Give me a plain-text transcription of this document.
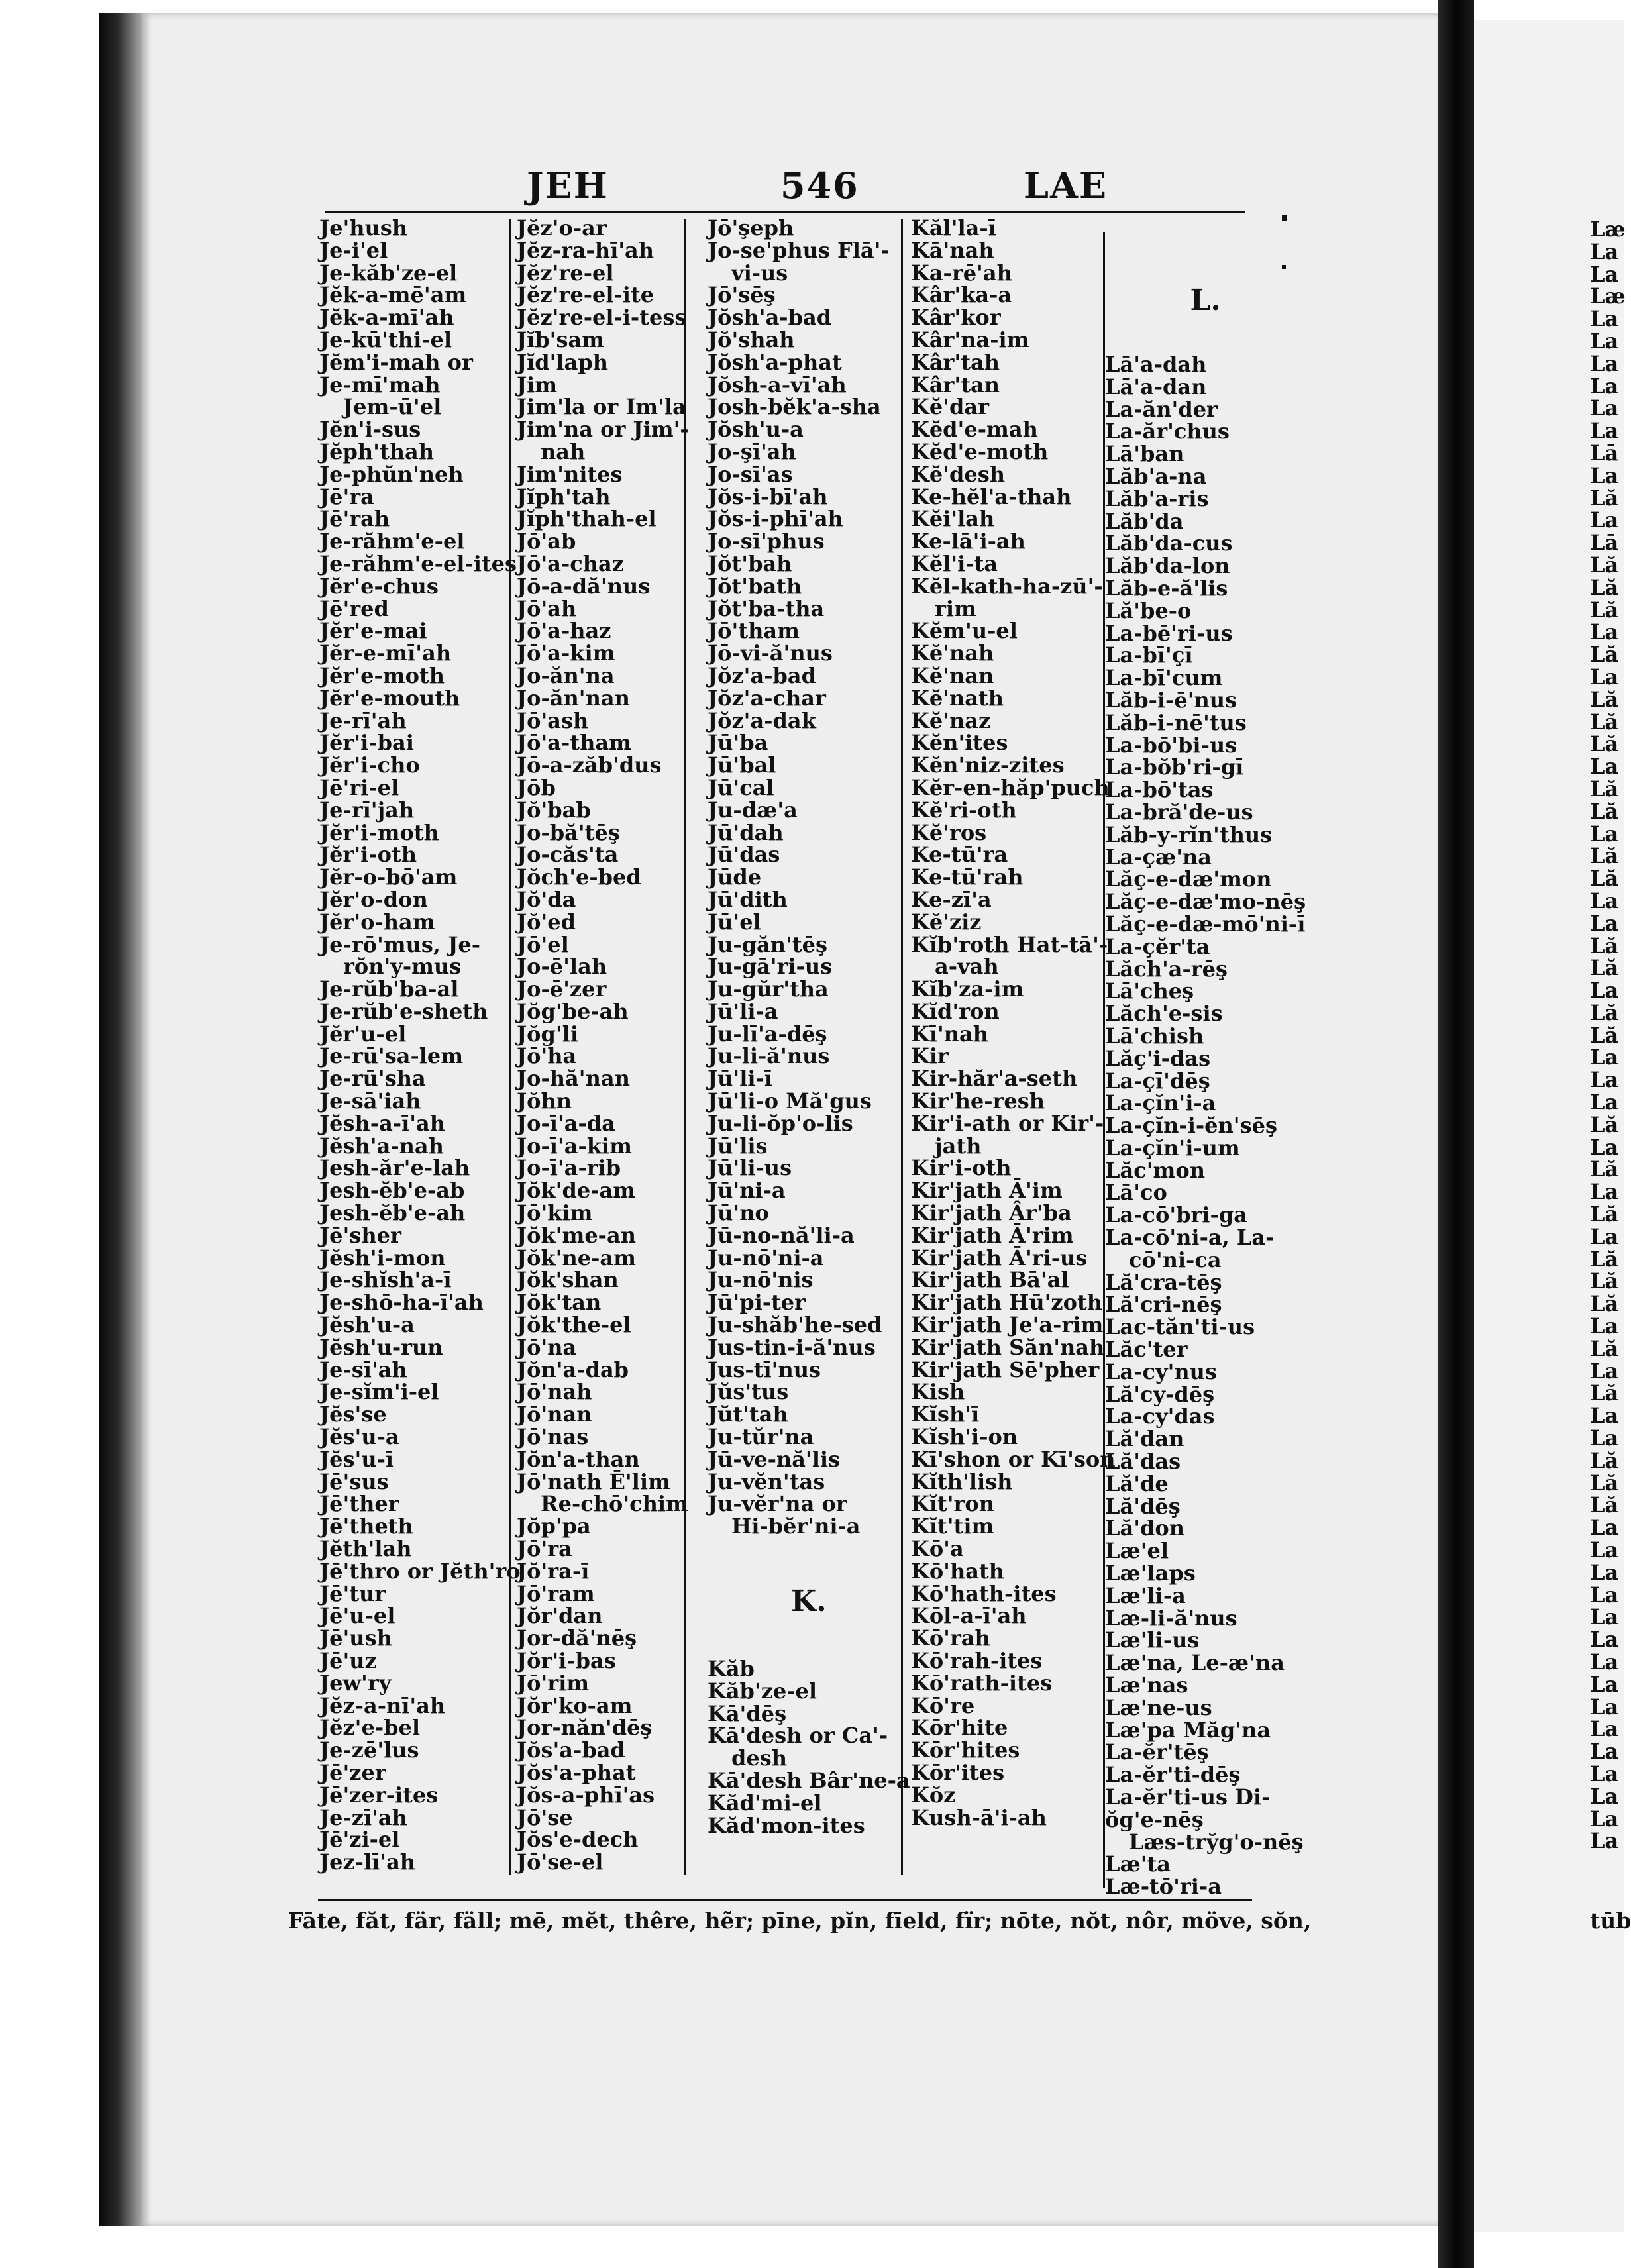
JEH	546	LAE
Je'hush
Je-i'el
Je-kăb'ze-el
Jĕk-a-mē'am
Jĕk-a-mī'ah
Je-kū'thi-el
Jĕm'i-mah or
Je-mī'mah
Jem-ū'el
Jĕn'i-sus
Jĕph'thah
Je-phŭn'neh
Jē'ra
Jē'rah
Je-răhm'e-el
Je-răhm'e-el-ites
Jĕr'e-chus
Jē'red
Jĕr'e-mai
Jĕr-e-mī'ah
Jĕr'e-moth
Jĕr'e-mouth
Je-rī'ah
Jĕr'i-bai
Jĕr'i-cho
Jē'ri-el
Je-rī'jah
Jĕr'i-moth
Jĕr'i-oth
Jĕr-o-bō'am
Jĕr'o-don
Jĕr'o-ham
Je-rō'mus, Je-
rŏn'y-mus
Je-rŭb'ba-al
Je-rŭb'e-sheth
Jĕr'u-el
Je-rū'sa-lem
Je-rū'sha
Je-sā'iah
Jĕsh-a-ī'ah
Jĕsh'a-nah
Jesh-ăr'e-lah
Jesh-ĕb'e-ab
Jesh-ĕb'e-ah
Jē'sher
Jĕsh'i-mon
Je-shĭsh'a-ī
Je-shō-ha-ī'ah
Jĕsh'u-a
Jĕsh'u-run
Je-sī'ah
Je-sĭm'i-el
Jĕs'se
Jĕs'u-a
Jĕs'u-ī
Jē'sus
Jē'ther
Jē'theth
Jĕth'lah
Jē'thro or Jĕth'ro
Jē'tur
Jē'u-el
Jē'ush
Jē'uz
Jew'ry
Jĕz-a-nī'ah
Jĕz'e-bel
Je-zē'lus
Jē'zer
Jē'zer-ites
Je-zī'ah
Jē'zi-el
Jez-lī'ah
Jĕz'o-ar
Jĕz-ra-hī'ah
Jĕz're-el
Jĕz're-el-ite
Jĕz're-el-i-tess
Jĭb'sam
Jĭd'laph
Jim
Jim'la or Im'la
Jim'na or Jim'-
nah
Jim'nites
Jĭph'tah
Jĭph'thah-el
Jō'ab
Jō'a-chaz
Jō-a-dă'nus
Jō'ah
Jō'a-haz
Jō'a-kim
Jo-ăn'na
Jo-ăn'nan
Jō'ash
Jō'a-tham
Jō-a-zăb'dus
Jōb
Jŏ'bab
Jo-bă'tēş
Jo-căs'ta
Jŏch'e-bed
Jŏ'da
Jŏ'ed
Jō'el
Jo-ē'lah
Jo-ē'zer
Jŏg'be-ah
Jŏg'li
Jō'ha
Jo-hă'nan
Jŏhn
Jo-ī'a-da
Jo-ī'a-kim
Jo-ī'a-rib
Jŏk'de-am
Jō'kim
Jŏk'me-an
Jŏk'ne-am
Jŏk'shan
Jŏk'tan
Jŏk'the-el
Jō'na
Jŏn'a-dab
Jō'nah
Jō'nan
Jō'nas
Jŏn'a-than
Jō'nath Ē'lim
Re-chō'chim
Jŏp'pa
Jō'ra
Jŏ'ra-ī
Jō'ram
Jŏr'dan
Jor-dă'nēş
Jŏr'i-bas
Jō'rim
Jŏr'ko-am
Jor-năn'dēş
Jŏs'a-bad
Jŏs'a-phat
Jŏs-a-phī'as
Jō'se
Jŏs'e-dech
Jō'se-el
Jō'şeph
Jo-se'phus Flā'-
vi-us
Jō'sēş
Jŏsh'a-bad
Jŏ'shah
Jŏsh'a-phat
Jŏsh-a-vī'ah
Josh-bĕk'a-sha
Jŏsh'u-a
Jo-şī'ah
Jo-sī'as
Jŏs-i-bī'ah
Jŏs-i-phī'ah
Jo-sī'phus
Jŏt'bah
Jŏt'bath
Jŏt'ba-tha
Jō'tham
Jō-vi-ă'nus
Jŏz'a-bad
Jŏz'a-char
Jŏz'a-dak
Jū'ba
Jū'bal
Jū'cal
Ju-dæ'a
Jū'dah
Jū'das
Jūde
Jū'dith
Jū'el
Ju-găn'tēş
Ju-gā'ri-us
Ju-gŭr'tha
Jū'li-a
Ju-lī'a-dēş
Ju-li-ă'nus
Jū'li-ī
Jū'li-o Mă'gus
Ju-li-ŏp'o-lis
Jū'lis
Jū'li-us
Jū'ni-a
Jū'no
Jū-no-nă'li-a
Ju-nō'ni-a
Ju-nō'nis
Jū'pi-ter
Ju-shăb'he-sed
Jus-tin-i-ă'nus
Jus-tī'nus
Jŭs'tus
Jŭt'tah
Ju-tŭr'na
Jū-ve-nă'lis
Ju-vĕn'tas
Ju-vĕr'na or
Hi-bĕr'ni-a
K.
Kăb
Kăb'ze-el
Kā'dēş
Kā'desh or Ca'-
desh
Kā'desh Bâr'ne-a
Kăd'mi-el
Kăd'mon-ites
Kăl'la-ī
Kā'nah
Ka-rē'ah
Kâr'ka-a
Kâr'kor
Kâr'na-im
Kâr'tah
Kâr'tan
Kĕ'dar
Kĕd'e-mah
Kĕd'e-moth
Kĕ'desh
Ke-hĕl'a-thah
Kĕi'lah
Ke-lā'i-ah
Kĕl'i-ta
Kĕl-kath-ha-zū'-
rim
Kĕm'u-el
Kĕ'nah
Kĕ'nan
Kĕ'nath
Kĕ'naz
Kĕn'ites
Kĕn'niz-zites
Kĕr-en-hăp'puch
Kĕ'ri-oth
Kĕ'ros
Ke-tū'ra
Ke-tū'rah
Ke-zī'a
Kĕ'ziz
Kĭb'roth Hat-tā'-
a-vah
Kĭb'za-im
Kĭd'ron
Kī'nah
Kir
Kir-hăr'a-seth
Kir'he-resh
Kir'i-ath or Kir'-
jath
Kir'i-oth
Kir'jath Ā'im
Kir'jath Âr'ba
Kir'jath Ā'rim
Kir'jath Ā'ri-us
Kir'jath Bā'al
Kir'jath Hū'zoth
Kir'jath Je'a-rim
Kir'jath Săn'nah
Kir'jath Sē'pher
Kish
Kĭsh'ī
Kĭsh'i-on
Kī'shon or Kī'son
Kĭth'lish
Kĭt'ron
Kĭt'tim
Kō'a
Kō'hath
Kō'hath-ites
Kōl-a-ī'ah
Kō'rah
Kō'rah-ites
Kō'rath-ites
Kō're
Kōr'hite
Kōr'hites
Kōr'ites
Kŏz
Kush-ā'i-ah
L.
Lā'a-dah
Lā'a-dan
La-ăn'der
La-ăr'chus
Lā'ban
Lăb'a-na
Lăb'a-ris
Lăb'da
Lăb'da-cus
Lăb'da-lon
Lăb-e-ă'lis
Lă'be-o
La-bē'ri-us
La-bī'çī
La-bī'cum
Lăb-i-ē'nus
Lăb-i-nē'tus
La-bō'bi-us
La-bŏb'ri-gī
La-bō'tas
La-bră'de-us
Lăb-y-rĭn'thus
La-çæ'na
Lăç-e-dæ'mon
Lăç-e-dæ'mo-nēş
Lăç-e-dæ-mō'ni-ī
La-çĕr'ta
Lăch'a-rēş
Lā'cheş
Lăch'e-sis
Lā'chish
Lăç'i-das
La-çī'dēş
La-çĭn'i-a
La-çĭn-i-ĕn'sēş
La-çĭn'i-um
Lăc'mon
Lā'co
La-cō'bri-ga
La-cō'ni-a, La-
cō'ni-ca
Lă'cra-tēş
Lă'cri-nēş
Lac-tăn'ti-us
Lăc'ter
La-cy'nus
Lă'cy-dēş
La-cy'das
Lă'dan
Lă'das
Lă'de
Lă'dēş
Lă'don
Læ'el
Læ'laps
Læ'li-a
Læ-li-ă'nus
Læ'li-us
Læ'na, Le-æ'na
Læ'nas
Læ'ne-us
Læ'pa Măg'na
La-ĕr'tēş
La-ĕr'ti-dēş
La-ĕr'ti-us Di-
ŏg'e-nēş
Læs-try̆g'o-nēş
Læ'ta
Læ-tō'ri-a
Fāte, făt, fär, fäll; mē, mĕt, thêre, hẽr; pīne, pĭn, fīeld, fïr; nōte, nŏt, nôr, möve, sŏn,
Læ
La
La
Læ
La
La
La
La
La
La
Lā
La
Lă
La
Lā
Lă
Lă
Lă
La
Lă
La
Lă
Lă
Lă
La
Lă
Lă
La
Lă
Lă
La
La
Lă
Lă
La
Lă
Lă
La
La
La
Lă
La
Lă
La
Lă
La
Lă
Lă
Lă
La
Lă
La
Lă
La
La
Lă
Lă
Lă
La
La
La
La
La
La
La
La
La
La
La
La
La
La
La
tūb
